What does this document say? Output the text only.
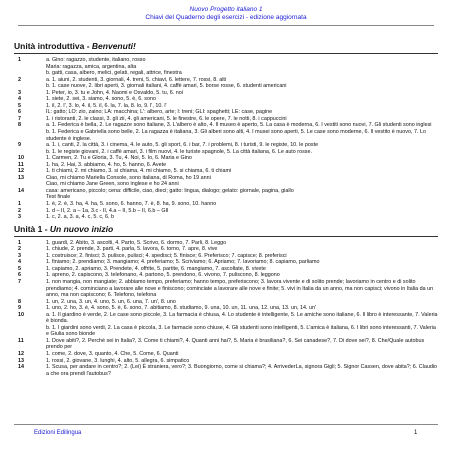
Nuovo Progetto italiano 1
Chiavi del Quaderno degli esercizi - edizione aggiornata
Unità introduttiva - Benvenuti!
1	a. Gino: ragazzo, studente, italiano, rosso
Maria: ragazza, amica, argentina, alta
b. gatti, casa, albero, melici, gelati, regali, attrice, finestra
2	a. 1. aiuni, 2. studenti, 3. giornali, 4. treni, 5. chiavi, 6. lettere, 7. rossi, 8. alti
b. 1. case nuove, 2. libri aperti, 3. giornali italiani, 4. caffè amari, 5. borse rosse, 6. studenti americani
3	1. Peter, io, 3. tu e John, 4. Naomi e Osvaldo, 5. tu, 6. noi
4	1. siete, 2. sei, 3. siamo, 4. sono, 5. è, 6. sono
5	1. il, 2. l', 3. lo, 4. il, 5. il, 6. la, 7. la, 8. lo, 9. l', 10. l'
6	IL: gatto; LO: zio, zaino; LA: macchina; L': albero, arte; I: treni; GLI: spaghetti; LE: case, pagine
7	1. i ristoranti, 2. le classi, 3. gli zii, 4. gli americani, 5. le finestre, 6. le opere, 7. le notti, 8. i cappuccini
8	a. 1. Federica è bella, 2. Le ragazze sono italiane, 3. L'albero è alto, 4. Il museo è aperto, 5. La casa è moderna, 6. I vestiti sono nuovi, 7. Gli studenti sono inglesi
b. 1. Federica e Gabriella sono belle, 2. La ragazza è italiana, 3. Gli alberi sono alti, 4. I musei sono aperti, 5. Le case sono moderne, 6. Il vestito è nuovo, 7. Lo studente è inglese.
9	a. 1. i, canti, 2. la città, 3. i cinema, 4. le auto, 5. gli sport, 6. i bar, 7. i problemi, 8. i turisti, 9. le registe, 10. le poste
b. 1. le registe giovani, 2. i caffè amari, 3. i film nuovi, 4. le turiste spagnole, 5. La città italiana, 6. Le auto rosse.
10	1. Carmen, 2. Tu e Gloria, 3. Tu, 4. Noi, 5. Io, 6. Maria e Gino
11	1. ha, 2. Hai, 3. abbiamo, 4. ho, 5. hanno, 6. Avete
12	1. ti chiami, 2. mi chiamo, 3. si chiama, 4. mi chiamo, 5. si chiama, 6. ti chiami
13	Ciao, mi chiamo Mariella Console, sono italiana, di Roma, ho 19 anni
Ciao, mi chiamo Jane Green, sono inglese e ho 24 anni
14	casa: americano, piccolo; cena: difficile, ciao, dieci; gatto: lingua, dialogo; gelato: giornale, pagina, giallo
Test finale
1	1. è, 2. è, 3. ha, 4. ha, 5. sono, 6. hanno, 7. è, 8. ha, 9. sono, 10. hanno
2	1. d – II, 2. a – 1a, 3.c - II, 4.a – II, 5.b – II, 6.b – GII
3	1. c, 2. a, 3. a, 4. c, 5. c, 6. b
Unità 1 - Un nuovo inizio
1	1. guardi, 2. Abito, 3. ascolti, 4. Parto, 5. Scrivo, 6. dormo, 7. Parli, 8. Leggo
2	1. chiude, 2. prende, 3. parti, 4. parla, 5. lavora, 6. torno, 7. apre, 8. vive
3	1. costruisce; 2. finisci; 3. pulisce, pulisci; 4. spedisci; 5. finisce; 6. Preferisco; 7. capisce; 8. preferisci
4	1. finiamo; 2. prendiamo; 3. mangiamo; 4. preferiamo; 5. Scriviamo; 6. Apriamo; 7. lavoriamo; 8. capiamo, parliamo
5	1. capiamo, 2. apriamo, 3. Prendete, 4. offrite, 5. partite, 6. mangiamo, 7. ascoltate, 8. vivete
6	1. apreno, 2. capiscono, 3. telefonano, 4. partono, 5. prendono, 6. vivono, 7. puliscono, 8. leggono
7	1. non mangia, non mangiate; 2. abbiamo tempo, preferiamo; hanno tempo, preferiscono; 3. lavora vivente e di solito prende; lavoriamo in centro e di solito prendiamo; 4. cominciano a lavorare alle nove e finiscono; cominciate a lavorare alle nove e finite; 5. vivi in Italia da un anno, ma non capisci; vivono in Italia da un anno, ma non capiscono; 6. Telefono, telefona
8	1. un, 2. una, 3. un, 4. uno, 5. un, 6. una, 7. un', 8. uno
9	1. uno, 2. ho, 3. è, 4. sono, 5. è, 6. sono, 7. abitiamo, 8. studiamo, 9. una, 10. un, 11. una, 12. una, 13. un, 14. un'
10	a. 1. Il giardino è verde, 2. Le case sono piccole, 3. La farmacia è chiusa, 4. Lo studente è intelligente, 5. Le amiche sono italiane, 6. Il libro è interessante, 7. Valeria è bionda.
b. 1. I giardini sono verdi, 2. La casa è piccola, 3. Le farmacie sono chiuse, 4. Gli studenti sono intelligenti, 5. L'amica è italiana, 6. I libri sono interessanti, 7. Valeria e Giulia sono bionde
11	1. Dove abiti?, 2. Perché sei in Italia?, 3. Come ti chiami?, 4. Quanti anni hai?, 5. Maria è brasiliana?, 6. Sei canadese?, 7. Di dove sei?, 8. Che/Quale autobus prendo per
12	1. come, 2. dove, 3. quanto, 4. Che, 5. Come, 6. Quanti
13	1. rossi, 2. giovane, 3. lunghi, 4. alto, 5. allegra, 6. simpatico
14	1. Scusa, per andare in centro?; 2. (Lei) È straniera, vero?; 3. Buongiorno, come si chiama?; 4. ArrivederLa, signora Gigli; 5. Signor Cassen, dove abita?; 6. Claudio a che ora prendi l'autobus?
Edizioni Edilingua	1
